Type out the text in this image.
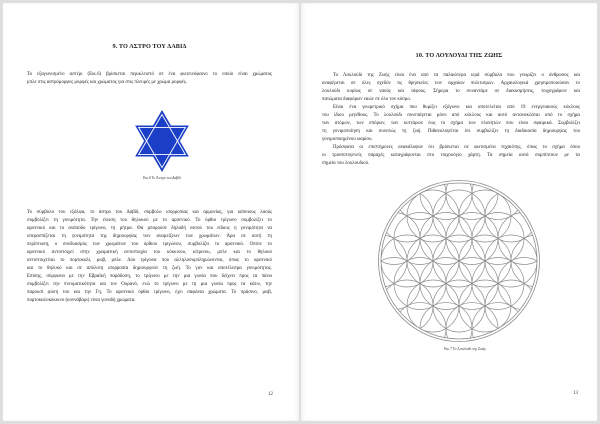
9. ΤΟ ΑΣΤΡΟ ΤΟΥ ΔΑΒΙΔ
Το εξαγωνισμένο αστέρι (Εικ.6) βρίσκεται περικλειστό σε ένα φωτεινόφαινο το οποίο είναι χρώματος
μπλε στις αστρόμορφες μορφές και χρώματος για στις πλευρές με χρώμα μορφές.
Εικ.6 Το Άστρο του Δαβίδ
Το σύμβολο του εξάλφα, το άστρο του Δαβίδ, σύμβολο ισορροπίας και αρμονίας, για κάποιους λαούς
συμβολίζει τη γονιμότητα. Την ένωση του θηλυκού με το αρσενικό. Το όρθιο τρίγωνο συμβολίζει το
αρσενικό και το ανάποδο τρίγωνο, τη μήτρα. Θα μπορούσε δηλαδή αυτού του είδους η γονιμότητα να
υπερασπίζεται τη γονιμότητα της δημιουργίας των αναμείξεων των χρωμάτων. Άρα σε αυτή τη
περίπτωση, ο συνδυασμός των χρωμάτων του όρθιου τριγώνου, συμβολίζει το αρσενικό. Οπότε το
αρσενικό αντιστοιχεί στην χρωματική αντιστοιχία του κόκκινου, κίτρινου, μπλε και το θηλυκό
αντιστοιχείται το πορτοκαλί, μωβ, μπλε. Δύο τρίγωνα που αλληλοσυμπληρώνονται, όπως το αρσενικό
και το θηλυκό και σε απόλυτη ισορροπία δημιουργούν τη ζωή. Το γιιν και αποτέλεσμα γονιμότητας.
Επίσης, σύμφωνα με την Εβραϊκή παράδοση, το τρίγωνο με την μια γωνία που δείχνει προς τα πάνω
συμβολίζει την πνευματικότητα και τον Ουρανό, ενώ το τρίγωνο με τη μια γωνία προς τα κάτω, την
παρουσί φύση του και την Γη. Το αρσενικό όρθιο τρίγωνο, έχει σαφάνια χρώματα. Το πράσινο, μωβ,
πορτοκαλοκόκκινο (κοννάβαρι) είναι γοναδή χρώματα.
12
10. ΤΟ ΛΟΥΛΟΥΔΙ ΤΗΣ ΖΩΗΣ
Το Λουλούδι της Ζωής είναι ένα από τα παλαιότερα ιερά σύμβολα που γνωρίζει ο άνθρωπος και
αναφέρεται σε όλες σχεδόν τις θρησκείες των αρχαίων πολιτισμών. Αρχαιολογικά χρησιμοποιούσαν το
λουλούδι κυρίως σε ναούς και τάφους. Σήμερα το συναντάμε σε διακοσμήσεις, τοιχογράφων και
πατώματα διαφόρων ναών σε όλο τον κόσμο.
Είναι ένα γεωμετρικό σχήμα που θυμίζει εξάγωνο και αποτελείται από 19 ενεργειακούς κύκλους
του ίδιου μεγέθους. Το λουλούδι συνεπάγεται μόνο από κύκλους και αυτό αντανακλάται από το σχήμα
των ατόμων, των σπόρων, των κυττάρων έως το σχήμα των πλανητών που είναι σφαιρικά. Συμβολίζει
τη γονιμοποίηση και συνεπώς τη ζωή. Πιθανολογείται ότι συμβολίζει τη διαδικασία δημιουργίας του
γονιμοποιημένου ωαρίου.
Πρόσφατα οι επιστήμονες ανακάλυψαν ότι βρίσκεται σε φωτισμένα τηχαιότης, όπως το σχήμα όπου
οι τρισσοτογενείς παραχές καταγράφονται στο τοιχουόγιο χάρτη. Τα σημεία αυτά συμπίπτουν με τα
σημεία του λουλουδιού.
Εικ.7 Το Λουλούδι της Ζωής
13
